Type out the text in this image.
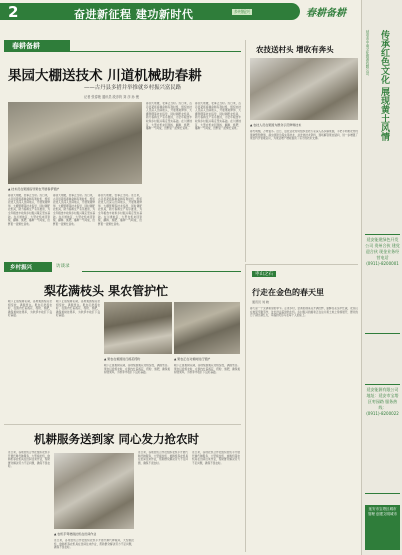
2	奋进新征程 建功新时代	乡村振兴	春耕备耕
传承红色文化 展现黄土风情
延安市中南文化旅游有限公司
延安能建绿色开发公司 贵州合伙 建党迎合伙 现金业务经营电话 (0911)-8200001
延安能源有限公司 地址：延安市宝塔区枣园路 服务热线：(0911)-8200022
延安市宝塔区城市管理 创建文明城市
春耕备耕
果园大棚送技术 川道机械助春耕
——古丹县多措并举推就乡村振兴富民路
记者 张春艳 通讯员 段彦钧 刘 彦 孙 俊
▲ 技术员在果园指导果农开展春季管护
春到大地暖，农事正当时。连日来，古丹县紧抓春耕备耕有利时机，组织农技人员深入田间地头，开展果树修剪、大棚管理等技术指导，同时调配农机具，助力春耕生产有序推进，为全年粮食丰收和乡村振兴奠定坚实基础。在川道地区，大型农机来回穿梭，翻耕、施肥、播种一气呵成，田野里一派繁忙景象。
春到大地暖，农事正当时。连日来，古丹县紧抓春耕备耕有利时机，组织农技人员深入田间地头，开展果树修剪、大棚管理等技术指导，同时调配农机具，助力春耕生产有序推进，为全年粮食丰收和乡村振兴奠定坚实基础。在川道地区，大型农机来回穿梭，翻耕、施肥、播种一气呵成，田野里一派繁忙景象。
春到大地暖，农事正当时。连日来，古丹县紧抓春耕备耕有利时机，组织农技人员深入田间地头，开展果树修剪、大棚管理等技术指导，同时调配农机具，助力春耕生产有序推进，为全年粮食丰收和乡村振兴奠定坚实基础。在川道地区，大型农机来回穿梭，翻耕、施肥、播种一气呵成，田野里一派繁忙景象。
春到大地暖，农事正当时。连日来，古丹县紧抓春耕备耕有利时机，组织农技人员深入田间地头，开展果树修剪、大棚管理等技术指导，同时调配农机具，助力春耕生产有序推进，为全年粮食丰收和乡村振兴奠定坚实基础。在川道地区，大型农机来回穿梭，翻耕、施肥、播种一气呵成，田野里一派繁忙景象。
春到大地暖，农事正当时。连日来，古丹县紧抓春耕备耕有利时机，组织农技人员深入田间地头，开展果树修剪、大棚管理等技术指导，同时调配农机具，助力春耕生产有序推进，为全年粮食丰收和乡村振兴奠定坚实基础。在川道地区，大型农机来回穿梭，翻耕、施肥、播种一气呵成，田野里一派繁忙景象。
农技送村头 增收有奔头
▲ 农技人员在果园为群众示范修剪技术
春光明媚，万物复苏。近日，县农业农村局组织农技专家深入各乡镇果园，手把手向果农传授果树整形修剪、病虫害防治等实用技术，并发放技术资料，现场解答果农疑问，进一步增强了果农科学管理意识，为果业增产增收提供了有力的技术支撑。
乡村振兴	访谈录
梨花满枝头 果农管护忙
眼下正值梨树花期，各地梨园梨花竞相绽放，满园雪白。果农们抢抓农时，在园内忙着疏花、授粉、施肥，确保梨树挂果率，为秋季丰收打下良好基础。
眼下正值梨树花期，各地梨园梨花竞相绽放，满园雪白。果农们抢抓农时，在园内忙着疏花、授粉、施肥，确保梨树挂果率，为秋季丰收打下良好基础。
▲ 果农在梨园进行疏花授粉	▲ 果农正在对梨树进行管护
眼下正值梨树花期，各地梨园梨花竞相绽放，满园雪白。果农们抢抓农时，在园内忙着疏花、授粉、施肥，确保梨树挂果率，为秋季丰收打下良好基础。
眼下正值梨树花期，各地梨园梨花竞相绽放，满园雪白。果农们抢抓农时，在园内忙着疏花、授粉、施肥，确保梨树挂果率，为秋季丰收打下良好基础。
机耕服务送到家 同心发力抢农时
连日来，各地农机合作社组织农机手开展代耕代种服务，大型拖拉机、旋耕机等农机具在田间往来作业，帮助群众解决劳力不足问题，确保不误农时。
▲ 农机手驾驶拖拉机在田间作业
连日来，各地农机合作社组织农机手开展代耕代种服务，大型拖拉机、旋耕机等农机具在田间往来作业，帮助群众解决劳力不足问题，确保不误农时。
连日来，各地农机合作社组织农机手开展代耕代种服务，大型拖拉机、旋耕机等农机具在田间往来作业，帮助群众解决劳力不足问题，确保不误农时。
连日来，各地农机合作社组织农机手开展代耕代种服务，大型拖拉机、旋耕机等农机具在田间往来作业，帮助群众解决劳力不足问题，确保不误农时。
枣山之石
行走在金色的春天里
通讯员 刘 晓
春天是一个充满希望的季节。走进乡村，金黄的油菜花开满田野，蜜蜂在花丛中忙碌，农民们在地里辛勤劳作，处处洋溢着勃勃生机。乡村振兴的画卷正在这片黄土地上徐徐展开，群众的日子越过越红火，幸福的笑容写在每个人的脸上。
